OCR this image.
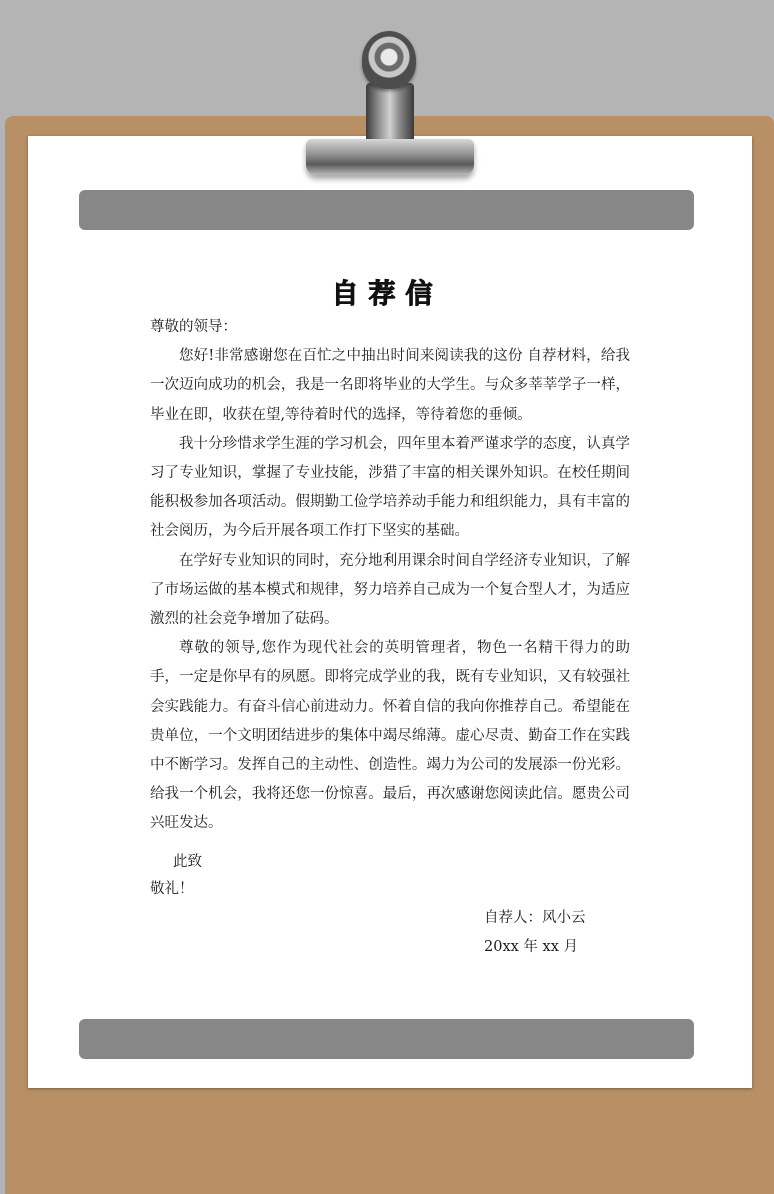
自荐信

尊敬的领导：

您好!非常感谢您在百忙之中抽出时间来阅读我的这份 自荐材料，给我一次迈向成功的机会，我是一名即将毕业的大学生。与众多莘莘学子一样，毕业在即，收获在望,等待着时代的选择，等待着您的垂倾。

我十分珍惜求学生涯的学习机会，四年里本着严谨求学的态度，认真学习了专业知识，掌握了专业技能，涉猎了丰富的相关课外知识。在校任期间能积极参加各项活动。假期勤工俭学培养动手能力和组织能力，具有丰富的社会阅历，为今后开展各项工作打下坚实的基础。

在学好专业知识的同时，充分地利用课余时间自学经济专业知识，了解了市场运做的基本模式和规律，努力培养自己成为一个复合型人才，为适应激烈的社会竞争增加了砝码。

尊敬的领导,您作为现代社会的英明管理者，物色一名精干得力的助手，一定是你早有的夙愿。即将完成学业的我，既有专业知识，又有较强社会实践能力。有奋斗信心前进动力。怀着自信的我向你推荐自己。希望能在贵单位，一个文明团结进步的集体中竭尽绵薄。虚心尽责、勤奋工作在实践中不断学习。发挥自己的主动性、创造性。竭力为公司的发展添一份光彩。给我一个机会，我将还您一份惊喜。最后，再次感谢您阅读此信。愿贵公司兴旺发达。

此致
敬礼！
自荐人：风小云
20xx 年 xx 月
